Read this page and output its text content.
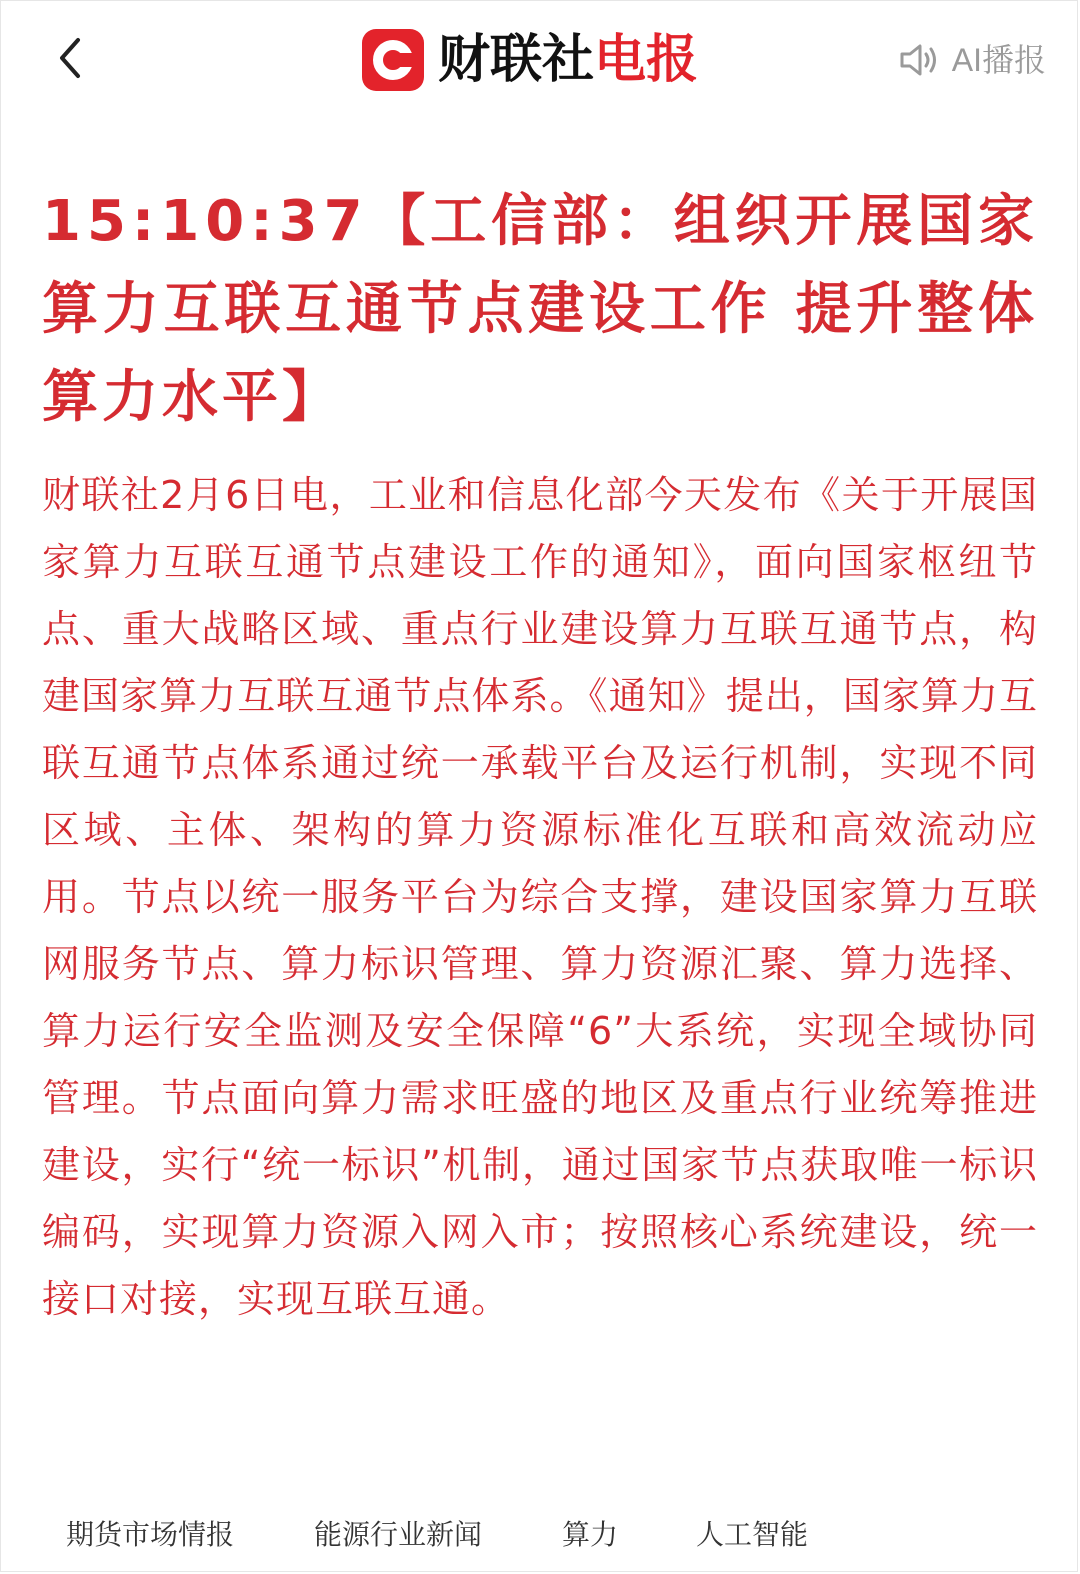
财联社 电报	AI播报
15:10:37【工信部：组织开展国家算力互联互通节点建设工作 提升整体算力水平】

财联社2月6日电，工业和信息化部今天发布《关于开展国家算力互联互通节点建设工作的通知》，面向国家枢纽节点、重大战略区域、重点行业建设算力互联互通节点，构建国家算力互联互通节点体系。《通知》提出，国家算力互联互通节点体系通过统一承载平台及运行机制，实现不同区域、主体、架构的算力资源标准化互联和高效流动应用。节点以统一服务平台为综合支撑，建设国家算力互联网服务节点、算力标识管理、算力资源汇聚、算力选择、算力运行安全监测及安全保障“6”大系统，实现全域协同管理。节点面向算力需求旺盛的地区及重点行业统筹推进建设，实行“统一标识”机制，通过国家节点获取唯一标识编码，实现算力资源入网入市；按照核心系统建设，统一接口对接，实现互联互通。

期货市场情报	能源行业新闻	算力	人工智能
